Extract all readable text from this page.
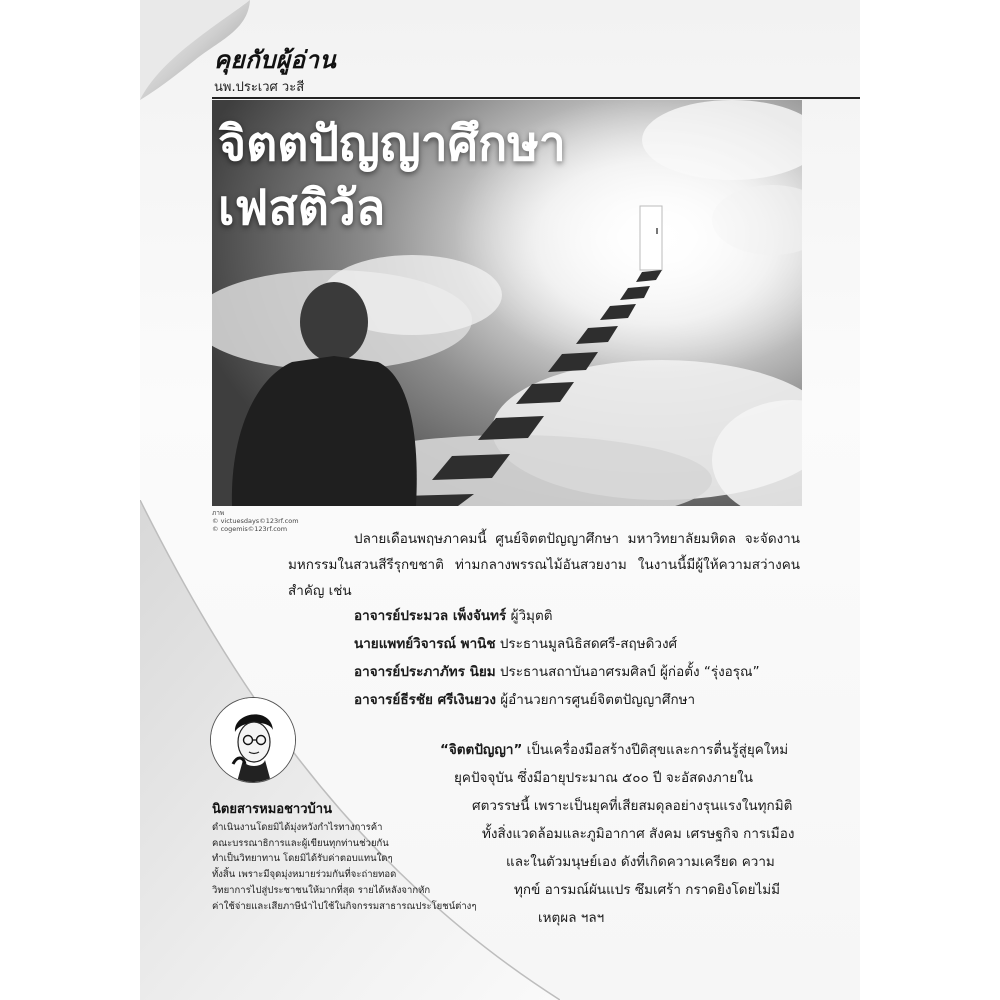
คุยกับผู้อ่าน
นพ.ประเวศ วะสี
จิตตปัญญาศึกษา
เฟสติวัล
ภาพ
© victuesdays©123rf.com
© cogemis©123rf.com
ปลายเดือนพฤษภาคมนี้ ศูนย์จิตตปัญญาศึกษา มหาวิทยาลัยมหิดล จะจัดงานมหกรรมในสวนสีรีรุกขชาติ ท่ามกลางพรรณไม้อันสวยงาม ในงานนี้มีผู้ให้ความสว่างคนสำคัญ เช่น
อาจารย์ประมวล เพ็งจันทร์ ผู้วิมุตติ
นายแพทย์วิจารณ์ พานิช ประธานมูลนิธิสดศรี-สฤษดิวงศ์
อาจารย์ประภาภัทร นิยม ประธานสถาบันอาศรมศิลป์ ผู้ก่อตั้ง “รุ่งอรุณ”
อาจารย์ธีรชัย ศรีเงินยวง ผู้อำนวยการศูนย์จิตตปัญญาศึกษา
“จิตตปัญญา” เป็นเครื่องมือสร้างปีติสุขและการตื่นรู้สู่ยุคใหม่
ยุคปัจจุบัน ซึ่งมีอายุประมาณ ๕๐๐ ปี จะอัสดงภายใน
ศตวรรษนี้ เพราะเป็นยุคที่เสียสมดุลอย่างรุนแรงในทุกมิติ
ทั้งสิ่งแวดล้อมและภูมิอากาศ สังคม เศรษฐกิจ การเมือง
และในตัวมนุษย์เอง ดังที่เกิดความเครียด ความ
ทุกข์ อารมณ์ผันแปร ซึมเศร้า กราดยิงโดยไม่มี
เหตุผล ฯลฯ
นิตยสารหมอชาวบ้าน
ดำเนินงานโดยมิได้มุ่งหวังกำไรทางการค้า
คณะบรรณาธิการและผู้เขียนทุกท่านช่วยกัน
ทำเป็นวิทยาทาน โดยมิได้รับค่าตอบแทนใดๆ
ทั้งสิ้น เพราะมีจุดมุ่งหมายร่วมกันที่จะถ่ายทอด
วิทยาการไปสู่ประชาชนให้มากที่สุด รายได้หลังจากหัก
ค่าใช้จ่ายและเสียภาษีนำไปใช้ในกิจกรรมสาธารณประโยชน์ต่างๆ
